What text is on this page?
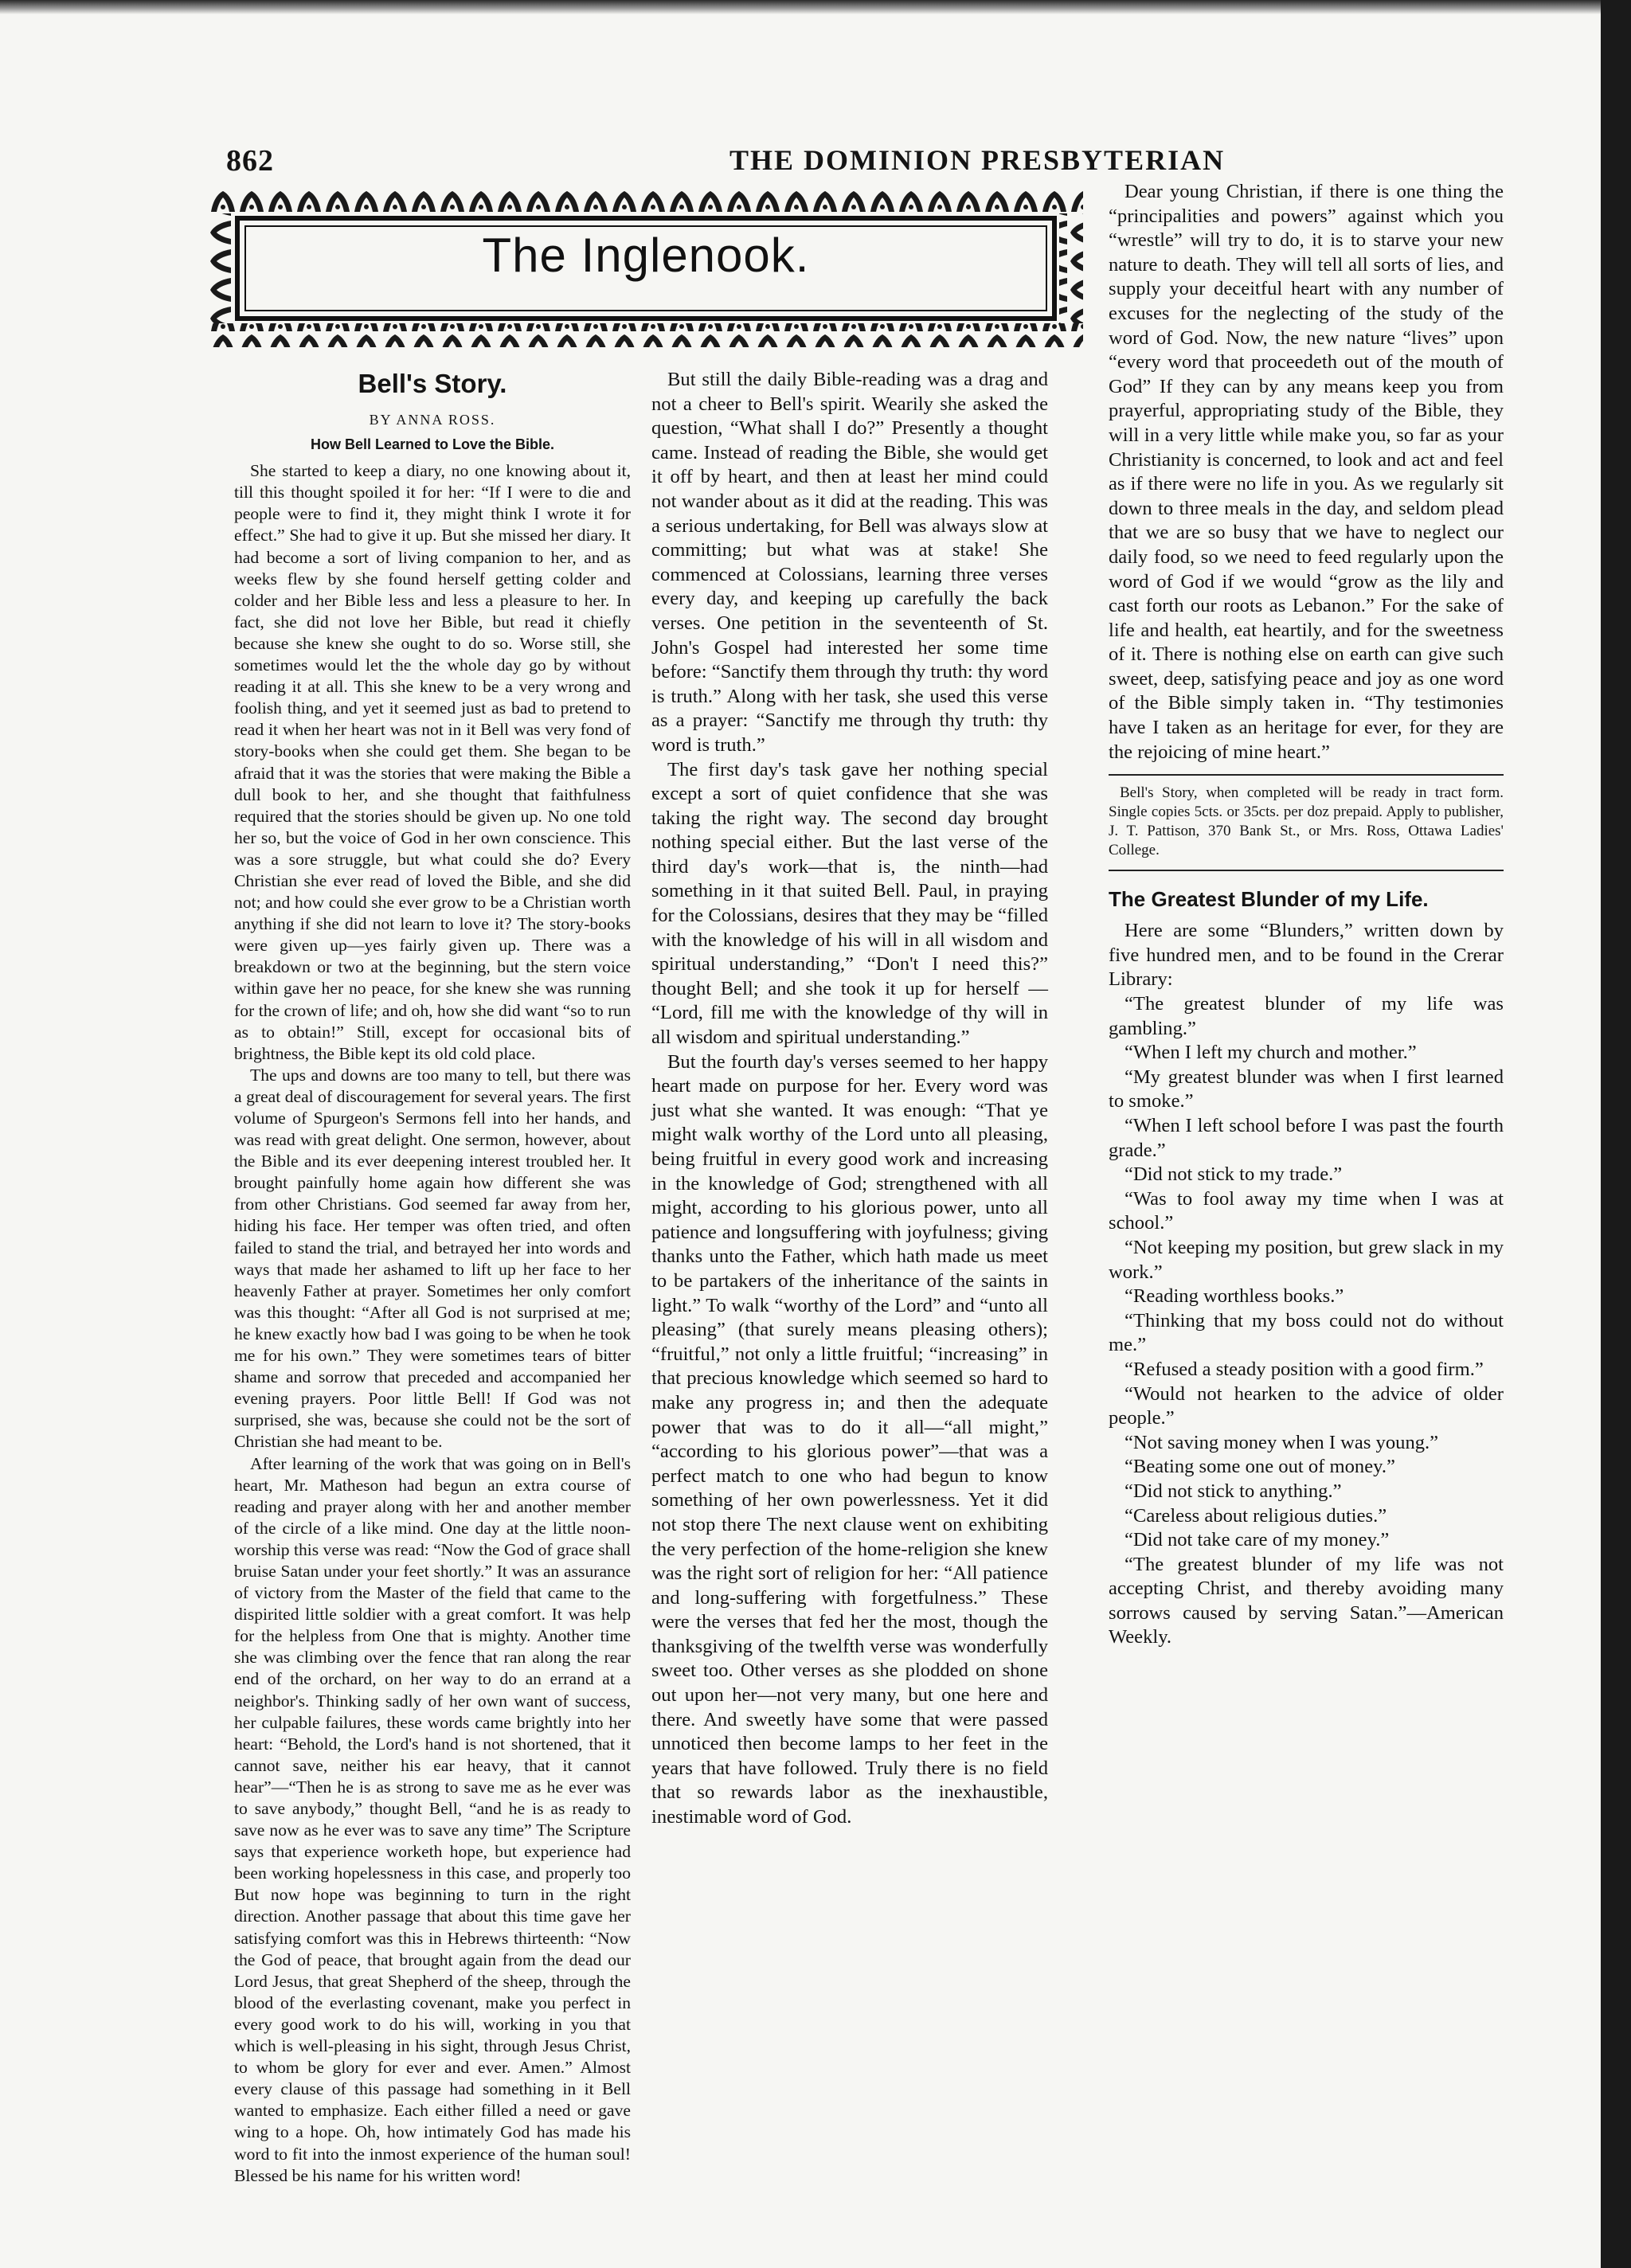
862	THE DOMINION PRESBYTERIAN
The Inglenook.
Bell's Story.
BY ANNA ROSS.
How Bell Learned to Love the Bible.

She started to keep a diary, no one knowing about it, till this thought spoiled it for her: “If I were to die and people were to find it, they might think I wrote it for effect.” She had to give it up. But she missed her diary. It had become a sort of living companion to her, and as weeks flew by she found herself getting colder and colder and her Bible less and less a pleasure to her. In fact, she did not love her Bible, but read it chiefly because she knew she ought to do so. Worse still, she sometimes would let the the whole day go by without reading it at all. This she knew to be a very wrong and foolish thing, and yet it seemed just as bad to pretend to read it when her heart was not in it Bell was very fond of story-books when she could get them. She began to be afraid that it was the stories that were making the Bible a dull book to her, and she thought that faithfulness required that the stories should be given up. No one told her so, but the voice of God in her own conscience. This was a sore struggle, but what could she do? Every Christian she ever read of loved the Bible, and she did not; and how could she ever grow to be a Christian worth anything if she did not learn to love it? The story-books were given up—yes fairly given up. There was a breakdown or two at the beginning, but the stern voice within gave her no peace, for she knew she was running for the crown of life; and oh, how she did want “so to run as to obtain!” Still, except for occasional bits of brightness, the Bible kept its old cold place.

The ups and downs are too many to tell, but there was a great deal of discouragement for several years. The first volume of Spurgeon's Sermons fell into her hands, and was read with great delight. One sermon, however, about the Bible and its ever deepening interest troubled her. It brought painfully home again how different she was from other Christians. God seemed far away from her, hiding his face. Her temper was often tried, and often failed to stand the trial, and betrayed her into words and ways that made her ashamed to lift up her face to her heavenly Father at prayer. Sometimes her only comfort was this thought: “After all God is not surprised at me; he knew exactly how bad I was going to be when he took me for his own.” They were sometimes tears of bitter shame and sorrow that preceded and accompanied her evening prayers. Poor little Bell! If God was not surprised, she was, because she could not be the sort of Christian she had meant to be.

After learning of the work that was going on in Bell's heart, Mr. Matheson had begun an extra course of reading and prayer along with her and another member of the circle of a like mind. One day at the little noon-worship this verse was read: “Now the God of grace shall bruise Satan under your feet shortly.” It was an assurance of victory from the Master of the field that came to the dispirited little soldier with a great comfort. It was help for the helpless from One that is mighty. Another time she was climbing over the fence that ran along the rear end of the orchard, on her way to do an errand at a neighbor's. Thinking sadly of her own want of success, her culpable failures, these words came brightly into her heart: “Behold, the Lord's hand is not shortened, that it cannot save, neither his ear heavy, that it cannot hear”—“Then he is as strong to save me as he ever was to save anybody,” thought Bell, “and he is as ready to save now as he ever was to save any time” The Scripture says that experience worketh hope, but experience had been working hopelessness in this case, and properly too But now hope was beginning to turn in the right direction. Another passage that about this time gave her satisfying comfort was this in Hebrews thirteenth: “Now the God of peace, that brought again from the dead our Lord Jesus, that great Shepherd of the sheep, through the blood of the everlasting covenant, make you perfect in every good work to do his will, working in you that which is well-pleasing in his sight, through Jesus Christ, to whom be glory for ever and ever. Amen.” Almost every clause of this passage had something in it Bell wanted to emphasize. Each either filled a need or gave wing to a hope. Oh, how intimately God has made his word to fit into the inmost experience of the human soul! Blessed be his name for his written word!

But still the daily Bible-reading was a drag and not a cheer to Bell's spirit. Wearily she asked the question, “What shall I do?” Presently a thought came. Instead of reading the Bible, she would get it off by heart, and then at least her mind could not wander about as it did at the reading. This was a serious undertaking, for Bell was always slow at committing; but what was at stake! She commenced at Colossians, learning three verses every day, and keeping up carefully the back verses. One petition in the seventeenth of St. John's Gospel had interested her some time before: “Sanctify them through thy truth: thy word is truth.” Along with her task, she used this verse as a prayer: “Sanctify me through thy truth: thy word is truth.”

The first day's task gave her nothing special except a sort of quiet confidence that she was taking the right way. The second day brought nothing special either. But the last verse of the third day's work—that is, the ninth—had something in it that suited Bell. Paul, in praying for the Colossians, desires that they may be “filled with the knowledge of his will in all wisdom and spiritual understanding,” “Don't I need this?” thought Bell; and she took it up for herself — “Lord, fill me with the knowledge of thy will in all wisdom and spiritual understanding.”

But the fourth day's verses seemed to her happy heart made on purpose for her. Every word was just what she wanted. It was enough: “That ye might walk worthy of the Lord unto all pleasing, being fruitful in every good work and increasing in the knowledge of God; strengthened with all might, according to his glorious power, unto all patience and longsuffering with joyfulness; giving thanks unto the Father, which hath made us meet to be partakers of the inheritance of the saints in light.” To walk “worthy of the Lord” and “unto all pleasing” (that surely means pleasing others); “fruitful,” not only a little fruitful; “increasing” in that precious knowledge which seemed so hard to make any progress in; and then the adequate power that was to do it all—“all might,” “according to his glorious power”—that was a perfect match to one who had begun to know something of her own powerlessness. Yet it did not stop there The next clause went on exhibiting the very perfection of the home-religion she knew was the right sort of religion for her: “All patience and long-suffering with forgetfulness.” These were the verses that fed her the most, though the thanksgiving of the twelfth verse was wonderfully sweet too. Other verses as she plodded on shone out upon her—not very many, but one here and there. And sweetly have some that were passed unnoticed then become lamps to her feet in the years that have followed. Truly there is no field that so rewards labor as the inexhaustible, inestimable word of God.

Dear young Christian, if there is one thing the “principalities and powers” against which you “wrestle” will try to do, it is to starve your new nature to death. They will tell all sorts of lies, and supply your deceitful heart with any number of excuses for the neglecting of the study of the word of God. Now, the new nature “lives” upon “every word that proceedeth out of the mouth of God” If they can by any means keep you from prayerful, appropriating study of the Bible, they will in a very little while make you, so far as your Christianity is concerned, to look and act and feel as if there were no life in you. As we regularly sit down to three meals in the day, and seldom plead that we are so busy that we have to neglect our daily food, so we need to feed regularly upon the word of God if we would “grow as the lily and cast forth our roots as Lebanon.” For the sake of life and health, eat heartily, and for the sweetness of it. There is nothing else on earth can give such sweet, deep, satisfying peace and joy as one word of the Bible simply taken in. “Thy testimonies have I taken as an heritage for ever, for they are the rejoicing of mine heart.”

Bell's Story, when completed will be ready in tract form. Single copies 5cts. or 35cts. per doz prepaid. Apply to publisher, J. T. Pattison, 370 Bank St., or Mrs. Ross, Ottawa Ladies' College.

The Greatest Blunder of my Life.

Here are some “Blunders,” written down by five hundred men, and to be found in the Crerar Library:

“The greatest blunder of my life was gambling.”

“When I left my church and mother.”

“My greatest blunder was when I first learned to smoke.”

“When I left school before I was past the fourth grade.”

“Did not stick to my trade.”

“Was to fool away my time when I was at school.”

“Not keeping my position, but grew slack in my work.”

“Reading worthless books.”

“Thinking that my boss could not do without me.”

“Refused a steady position with a good firm.”

“Would not hearken to the advice of older people.”

“Not saving money when I was young.”

“Beating some one out of money.”

“Did not stick to anything.”

“Careless about religious duties.”

“Did not take care of my money.”

“The greatest blunder of my life was not accepting Christ, and thereby avoiding many sorrows caused by serving Satan.”—American Weekly.
